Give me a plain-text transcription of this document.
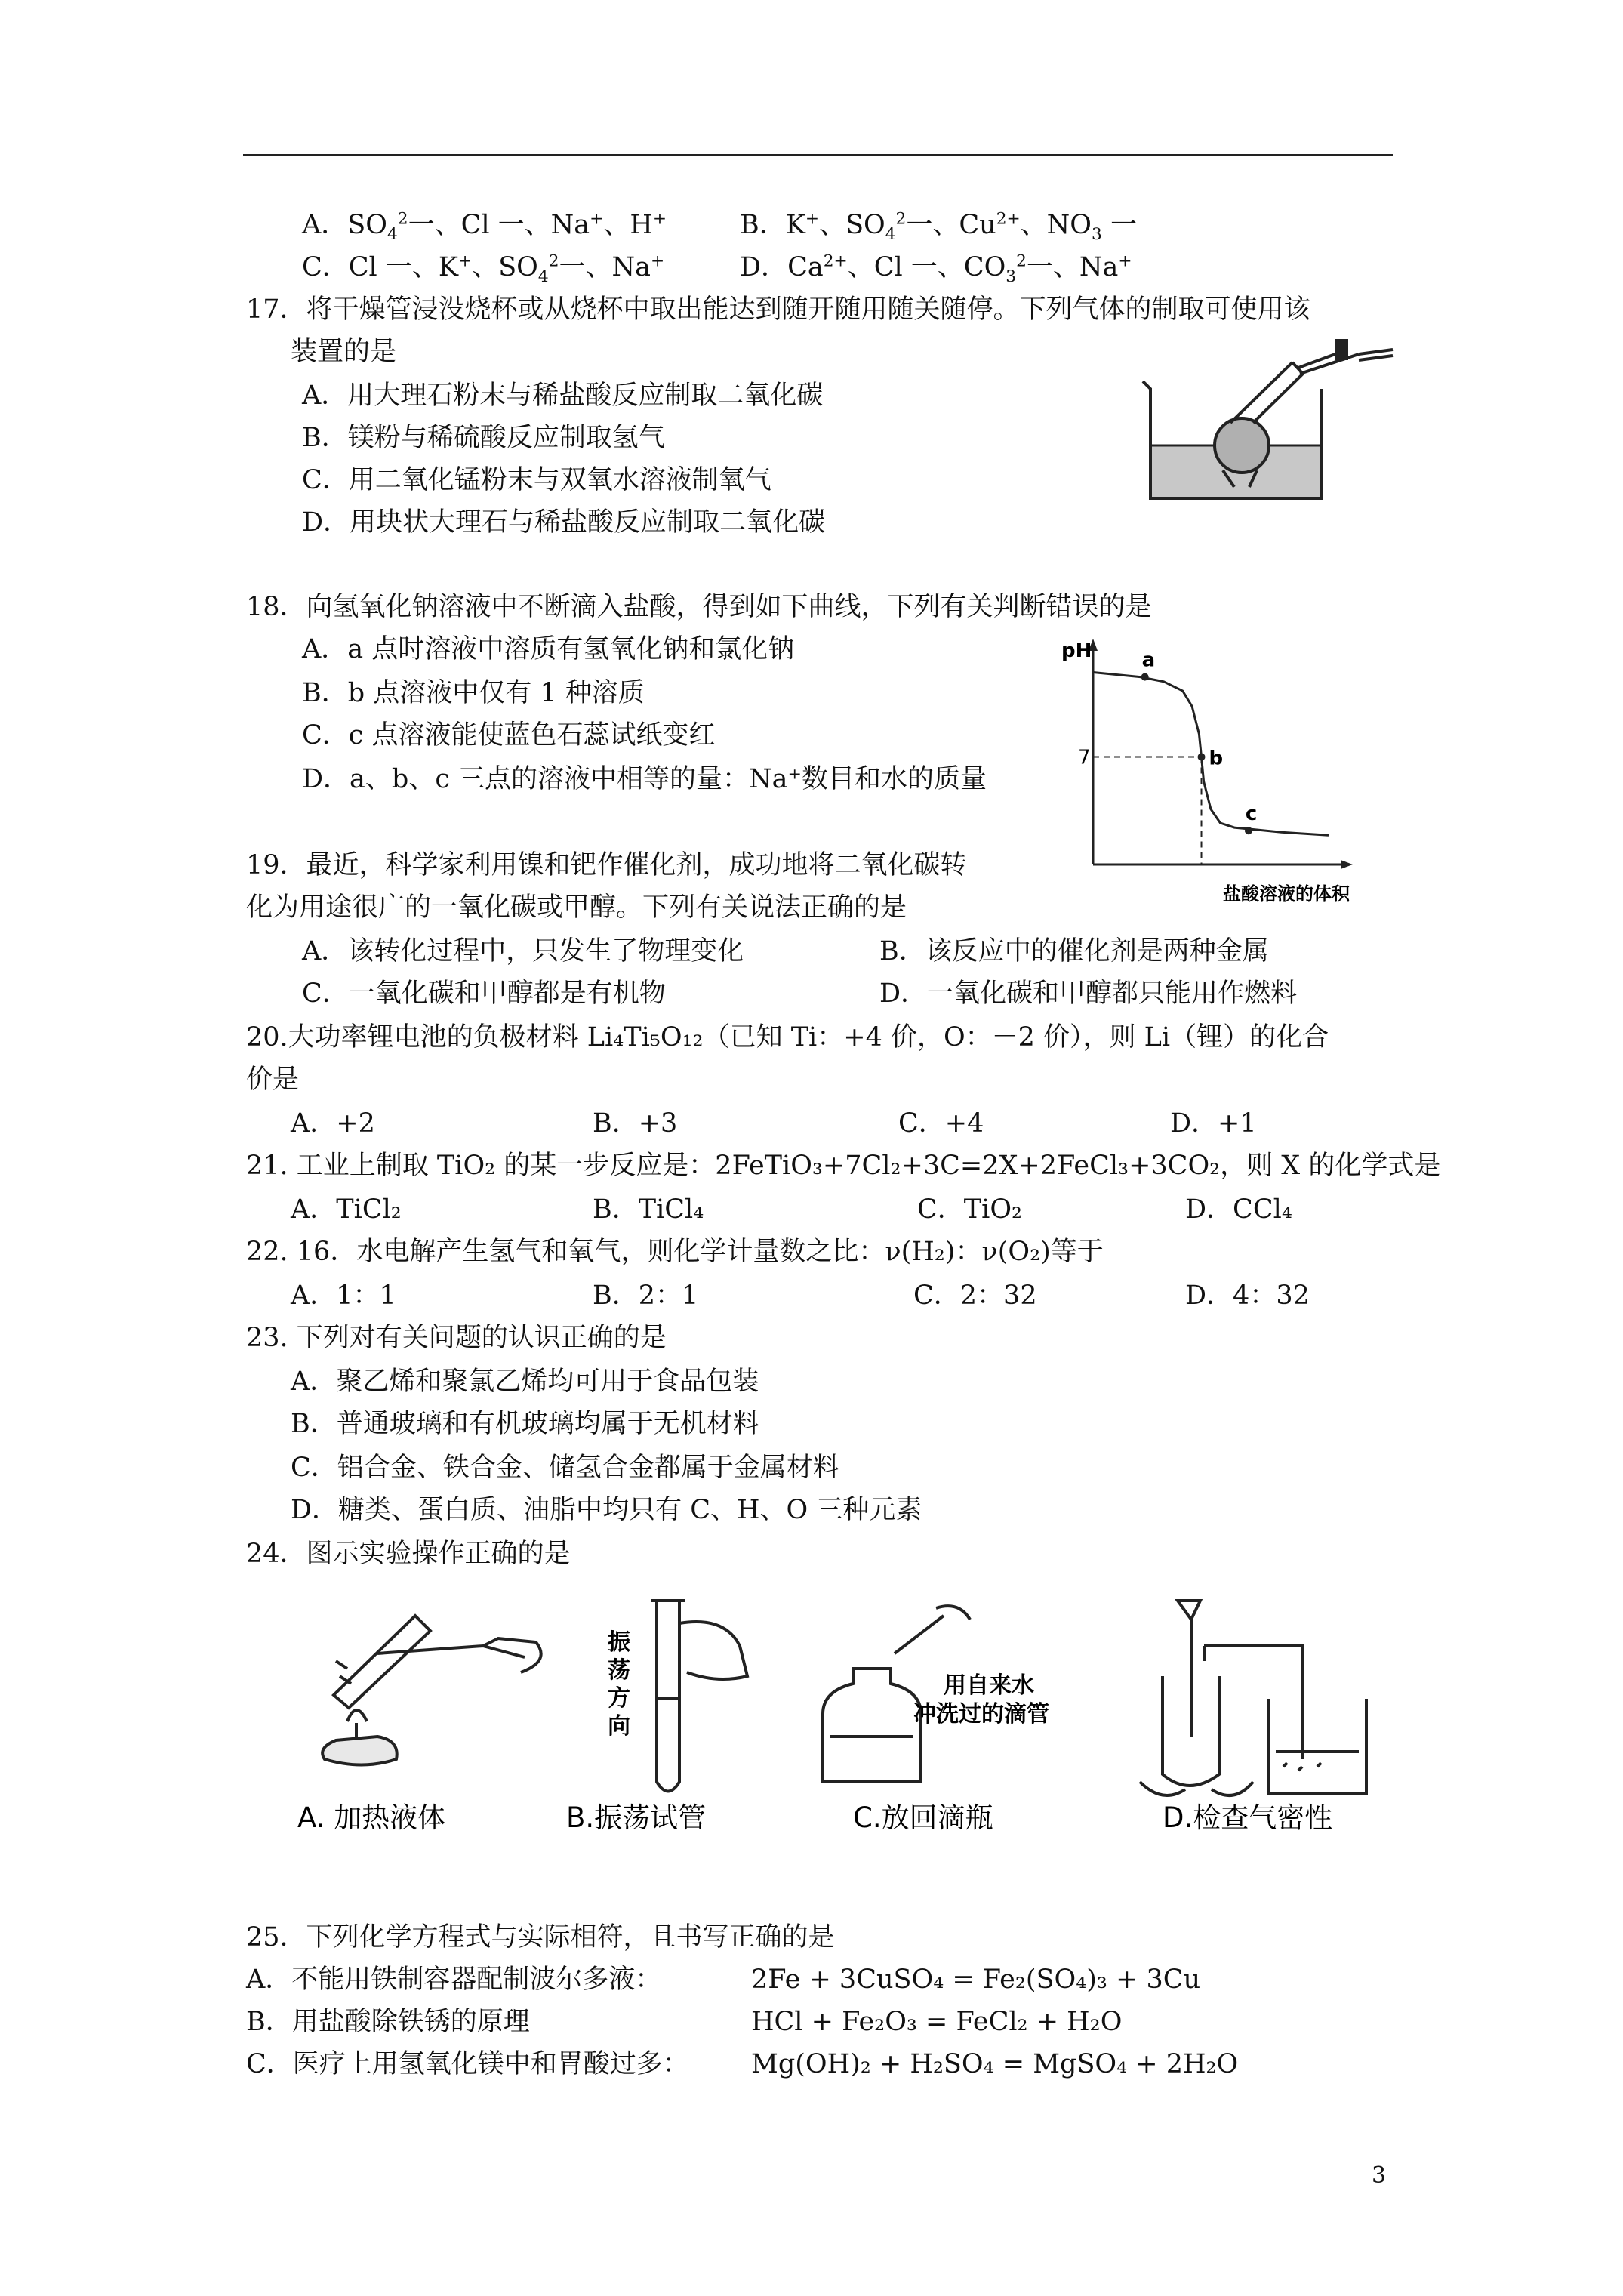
A．$SO_4^2$一、Cl 一、Na+、H+	B．K+、$SO_4^2$一、$Cu^{2+}$、$NO_3$ 一
C．Cl 一、K+、$SO_4^2$一、Na+	D．$Ca^{2+}$、Cl 一、$CO_3^2$一、Na+
17．将干燥管浸没烧杯或从烧杯中取出能达到随开随用随关随停。下列气体的制取可使用该
装置的是
A．用大理石粉末与稀盐酸反应制取二氧化碳
B．镁粉与稀硫酸反应制取氢气
C．用二氧化锰粉末与双氧水溶液制氧气
D．用块状大理石与稀盐酸反应制取二氧化碳
18．向氢氧化钠溶液中不断滴入盐酸，得到如下曲线，下列有关判断错误的是
A．a 点时溶液中溶质有氢氧化钠和氯化钠
B．b 点溶液中仅有 1 种溶质
C．c 点溶液能使蓝色石蕊试纸变红
D．a、b、c 三点的溶液中相等的量：Na⁺数目和水的质量
pH
盐酸溶液的体积
7
a
b
c
19．最近，科学家利用镍和钯作催化剂，成功地将二氧化碳转
化为用途很广的一氧化碳或甲醇。下列有关说法正确的是
A．该转化过程中，只发生了物理变化	B．该反应中的催化剂是两种金属
C．一氧化碳和甲醇都是有机物	D．一氧化碳和甲醇都只能用作燃料
20.大功率锂电池的负极材料 Li₄Ti₅O₁₂（已知 Ti：+4 价，O：－2 价），则 Li（锂）的化合
价是
A．+2	B．+3	C．+4	D．+1
21. 工业上制取 TiO₂ 的某一步反应是：2FeTiO₃+7Cl₂+3C=2X+2FeCl₃+3CO₂，则 X 的化学式是
A．TiCl₂	B．TiCl₄	C．TiO₂	D．CCl₄
22. 16．水电解产生氢气和氧气，则化学计量数之比：ν(H₂)：ν(O₂)等于
A．1：1	B．2：1	C．2：32	D．4：32
23. 下列对有关问题的认识正确的是
A．聚乙烯和聚氯乙烯均可用于食品包装
B．普通玻璃和有机玻璃均属于无机材料
C．铝合金、铁合金、储氢合金都属于金属材料
D．糖类、蛋白质、油脂中均只有 C、H、O 三种元素
24．图示实验操作正确的是
振
荡
方
向
用自来水
冲洗过的滴管
A. 加热液体	B.振荡试管	C.放回滴瓶	D.检查气密性
25．下列化学方程式与实际相符，且书写正确的是
A．不能用铁制容器配制波尔多液：	2Fe + 3CuSO₄ = Fe₂(SO₄)₃ + 3Cu
B．用盐酸除铁锈的原理	HCl + Fe₂O₃ = FeCl₂ + H₂O
C．医疗上用氢氧化镁中和胃酸过多： Mg(OH)₂ + H₂SO₄ = MgSO₄ + 2H₂O
3
